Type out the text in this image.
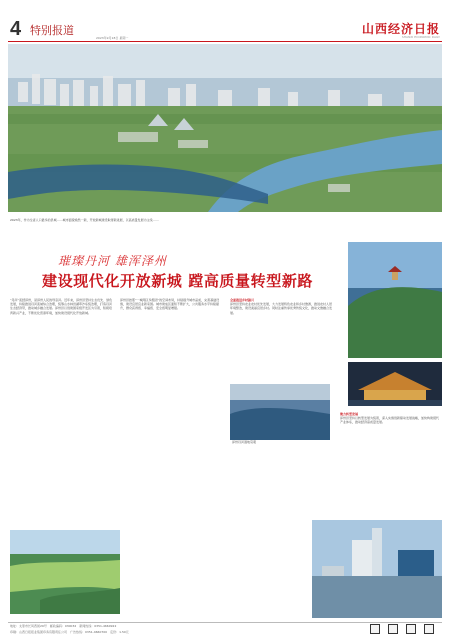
4 特别报道
2023年9月18日 星期一
山西经济日报
SHANXI ECONOMIC DAILY
2023年，作为全省人口最多的县城……城市面貌焕然一新，开放新城建设取得新进展，以高质量发展为主线……
璀璨丹河 雄浑泽州
建设现代化开放新城 蹚高质量转型新路
“丹河”流经泽州，是泽州人民的母亲河。近年来，泽州县坚持生态优先、绿色发展，持续推进丹河流域综合治理，统筹山水林田湖草沙系统治理，打造丹河生态经济带，推动城乡融合发展。泽州县以创建国家级开发区为引领，积极培育新兴产业，不断优化营商环境，加快建设现代化开放新城。
泽州县按照“一城两区多组团”的空间布局，持续提升城市品质，完善基础设施，建设宜居宜业新家园。城市建成区面积不断扩大，公共服务水平持续提升，群众获得感、幸福感、安全感明显增强。
全面推进乡村振兴
泽州县坚持农业农村优先发展，大力发展特色农业和乡村旅游，推进农村人居环境整治，建设美丽宜居乡村。同时注重传承优秀传统文化，推动文旅融合发展。
泽州丹河湿地景观
聚力转型发展
泽州县坚持以转型发展为统领，深入实施创新驱动发展战略，加快构建现代产业体系，推动经济高质量发展。
地址：太原市长风西街29号　邮政编码：030032　新闻热线：0351-4660922
印刷：山西日报报业集团印务有限责任公司　广告热线：0351-4660700　定价：1.50元
